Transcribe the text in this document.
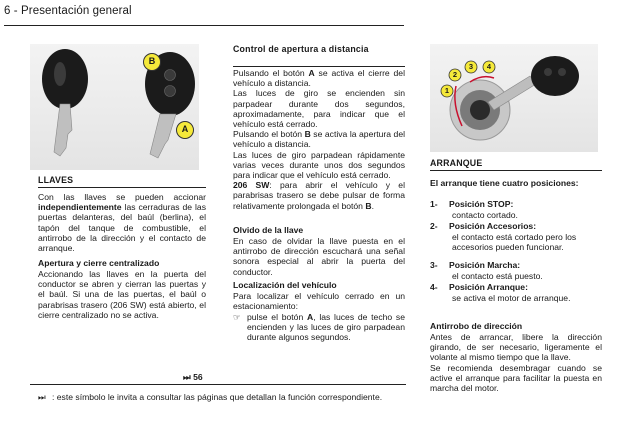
6 - Presentación general
B
A
LLAVES
Con las llaves se pueden accionar independientemente las cerraduras de las puertas delanteras, del baúl (berlina), el tapón del tanque de combustible, el antirrobo de la dirección y el contacto de arranque.
Apertura y cierre centralizado
Accionando las llaves en la puerta del conductor se abren y cierran las puertas y el baúl. Si una de las puertas, el baúl o parabrisas trasero (206 SW) está abierto, el cierre centralizado no se activa.
⏭ 56
Control de apertura a distancia
Pulsando el botón A se activa el cierre del vehículo a distancia.
Las luces de giro se encienden sin parpadear durante dos segundos, aproximadamente, para indicar que el vehículo está cerrado.
Pulsando el botón B se activa la apertura del vehículo a distancia.
Las luces de giro parpadean rápidamente varias veces durante unos dos segundos para indicar que el vehículo está cerrado.
206 SW: para abrir el vehículo y el parabrisas trasero se debe pulsar de forma relativamente prolongada el botón B.
Olvido de la llave
En caso de olvidar la llave puesta en el antirrobo de dirección escuchará una señal sonora especial al abrir la puerta del conductor.
Localización del vehículo
Para localizar el vehículo cerrado en un estacionamiento:
☞ pulse el botón A, las luces de techo se encienden y las luces de giro parpadean durante algunos segundos.
1
2
3	4
ARRANQUE
El arranque tiene cuatro posiciones:
1- Posición STOP:
contacto cortado.
2- Posición Accesorios:
el contacto está cortado pero los accesorios pueden funcionar.
3- Posición Marcha:
el contacto está puesto.
4- Posición Arranque:
se activa el motor de arranque.
Antirrobo de dirección
Antes de arrancar, libere la dirección girando, de ser necesario, ligeramente el volante al mismo tiempo que la llave.
Se recomienda desembragar cuando se active el arranque para facilitar la puesta en marcha del motor.
⏭ : este símbolo le invita a consultar las páginas que detallan la función correspondiente.
